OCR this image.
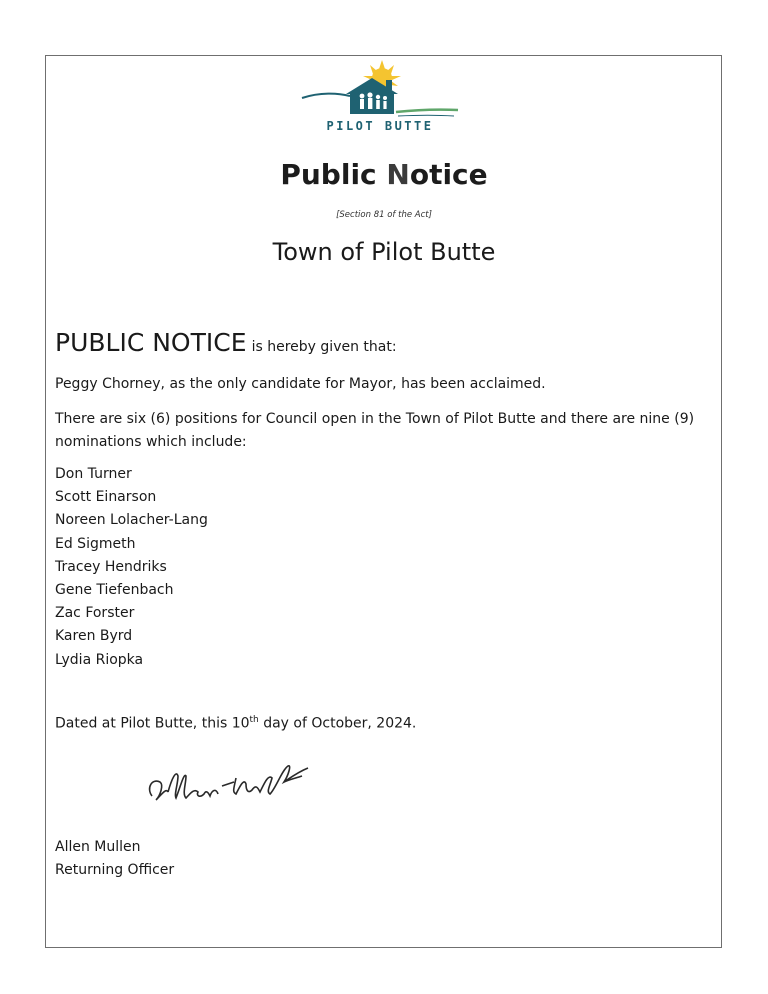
PILOT BUTTE
Public Notice
[Section 81 of the Act]
Town of Pilot Butte
PUBLIC NOTICE is hereby given that:
Peggy Chorney, as the only candidate for Mayor, has been acclaimed.
There are six (6) positions for Council open in the Town of Pilot Butte and there are nine (9) nominations which include:
Don Turner
Scott Einarson
Noreen Lolacher-Lang
Ed Sigmeth
Tracey Hendriks
Gene Tiefenbach
Zac Forster
Karen Byrd
Lydia Riopka
Dated at Pilot Butte, this 10th day of October, 2024.
Allen Mullen
Returning Officer
